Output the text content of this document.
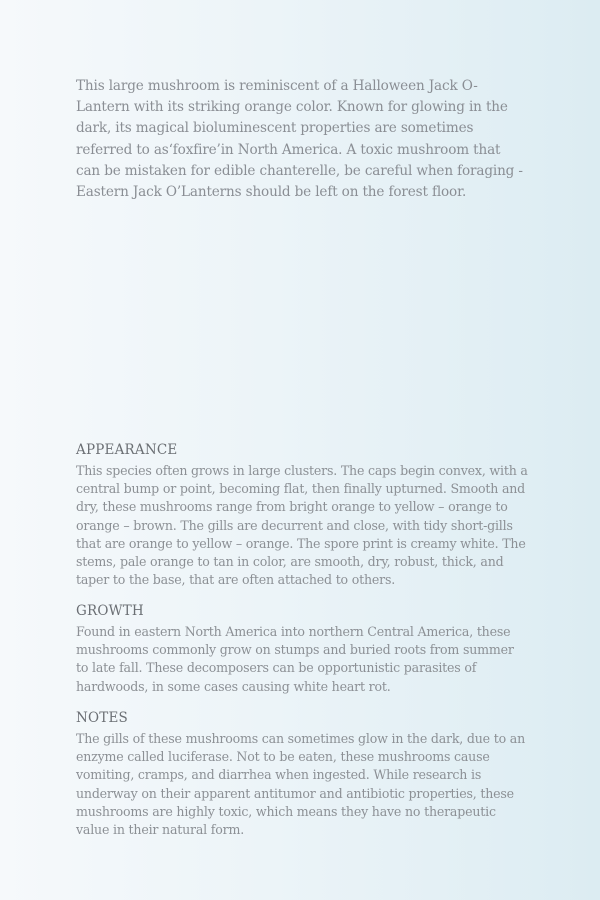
This large mushroom is reminiscent of a Halloween Jack O-Lantern with its striking orange color. Known for glowing in the dark, its magical bioluminescent properties are sometimes referred to as‘foxfire’in North America. A toxic mushroom that can be mistaken for edible chanterelle, be careful when foraging - Eastern Jack O’Lanterns should be left on the forest floor.

APPEARANCE

This species often grows in large clusters. The caps begin convex, with a central bump or point, becoming flat, then finally upturned. Smooth and dry, these mushrooms range from bright orange to yellow – orange to orange – brown. The gills are decurrent and close, with tidy short-gills that are orange to yellow – orange. The spore print is creamy white. The stems, pale orange to tan in color, are smooth, dry, robust, thick, and taper to the base, that are often attached to others.

GROWTH

Found in eastern North America into northern Central America, these mushrooms commonly grow on stumps and buried roots from summer to late fall. These decomposers can be opportunistic parasites of hardwoods, in some cases causing white heart rot.

NOTES

The gills of these mushrooms can sometimes glow in the dark, due to an enzyme called luciferase. Not to be eaten, these mushrooms cause vomiting, cramps, and diarrhea when ingested. While research is underway on their apparent antitumor and antibiotic properties, these mushrooms are highly toxic, which means they have no therapeutic value in their natural form.
